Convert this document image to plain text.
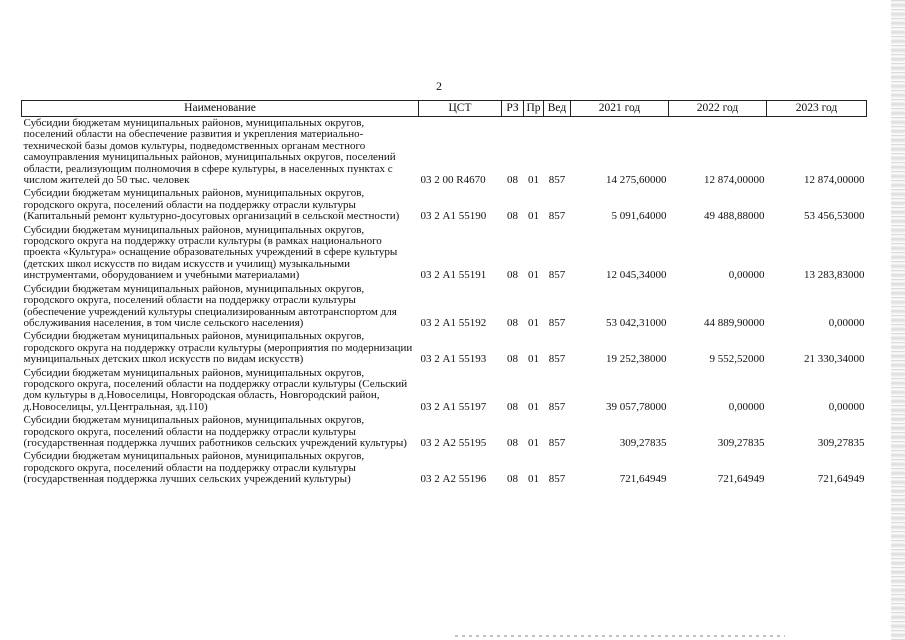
2
Наименование	ЦСТ	РЗ	Пр	Вед	2021 год	2022 год	2023 год
Субсидии бюджетам муниципальных районов, муниципальных округов, поселений области на обеспечение развития и укрепления материально-технической базы домов культуры, подведомственных органам местного самоуправления муниципальных районов, муниципальных округов, поселений области, реализующим полномочия в сфере культуры, в населенных пунктах с числом жителей до 50 тыс. человек	03 2 00 R4670	08	01	857	14 275,60000	12 874,00000	12 874,00000
Субсидии бюджетам муниципальных районов, муниципальных округов, городского округа, поселений области на поддержку отрасли культуры (Капитальный ремонт культурно-досуговых организаций в сельской местности)	03 2 А1 55190	08	01	857	5 091,64000	49 488,88000	53 456,53000
Субсидии бюджетам муниципальных районов, муниципальных округов, городского округа на поддержку отрасли культуры (в рамках национального проекта «Культура» оснащение образовательных учреждений в сфере культуры (детских школ искусств по видам искусств и училищ) музыкальными инструментами, оборудованием и учебными материалами)	03 2 А1 55191	08	01	857	12 045,34000	0,00000	13 283,83000
Субсидии бюджетам муниципальных районов, муниципальных округов, городского округа, поселений области на поддержку отрасли культуры (обеспечение учреждений культуры специализированным автотранспортом для обслуживания населения, в том числе сельского населения)	03 2 А1 55192	08	01	857	53 042,31000	44 889,90000	0,00000
Субсидии бюджетам муниципальных районов, муниципальных округов, городского округа на поддержку отрасли культуры (мероприятия по модернизации муниципальных детских школ искусств по видам искусств)	03 2 А1 55193	08	01	857	19 252,38000	9 552,52000	21 330,34000
Субсидии бюджетам муниципальных районов, муниципальных округов, городского округа, поселений области на поддержку отрасли культуры (Сельский дом культуры в д.Новоселицы, Новгородская область, Новгородский район, д.Новоселицы, ул.Центральная, зд.110)	03 2 А1 55197	08	01	857	39 057,78000	0,00000	0,00000
Субсидии бюджетам муниципальных районов, муниципальных округов, городского округа, поселений области на поддержку отрасли культуры (государственная поддержка лучших работников сельских учреждений культуры)	03 2 А2 55195	08	01	857	309,27835	309,27835	309,27835
Субсидии бюджетам муниципальных районов, муниципальных округов, городского округа, поселений области на поддержку отрасли культуры (государственная поддержка лучших сельских учреждений культуры)	03 2 А2 55196	08	01	857	721,64949	721,64949	721,64949
